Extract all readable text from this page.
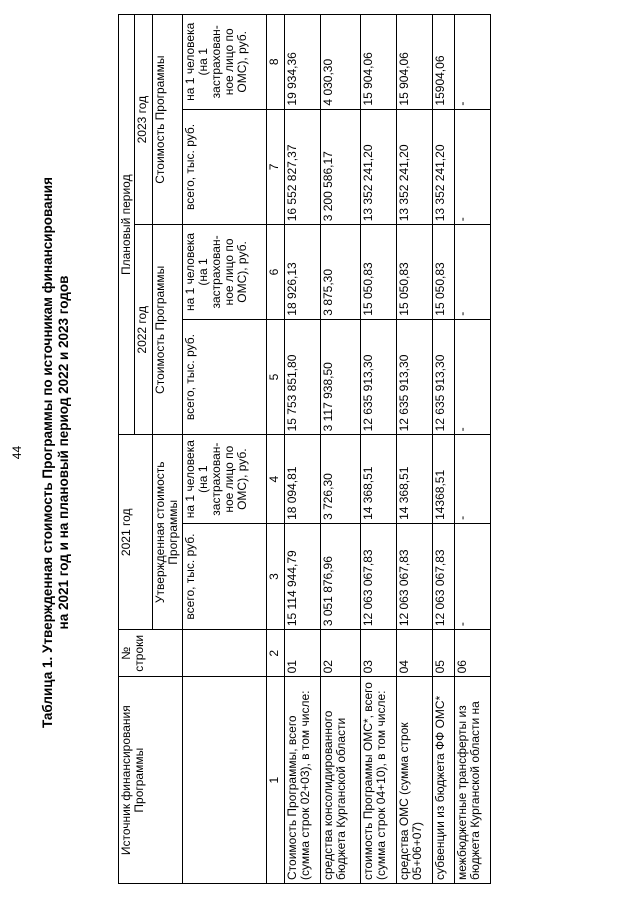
44 Таблица 1. Утвержденная стоимость Программы по источникам финансирования на 2021 год и на плановый период 2022 и 2023 годов
Источник финансирования Программы	№ строки	2021 год		Плановый период			
				2022 год		2023 год	
		Утвержденная стоимость Программы		Стоимость Программы		Стоимость Программы	
		всего, тыс. руб.	на 1 человека (на 1 застрахован-ное лицо по ОМС), руб.	всего, тыс. руб.	на 1 человека (на 1 застрахован-ное лицо по ОМС), руб.	всего, тыс. руб.	на 1 человека (на 1 застрахован-ное лицо по ОМС), руб.
1	2	3	4	5	6	7	8
Стоимость Программы, всего (сумма строк 02+03), в том числе:	01	15 114 944,79	18 094,81	15 753 851,80	18 926,13	16 552 827,37	19 934,36
средства консолидированного бюджета Курганской области	02	3 051 876,96	3 726,30	3 117 938,50	3 875,30	3 200 586,17	4 030,30
стоимость Программы ОМС*, всего (сумма строк 04+10), в том числе:	03	12 063 067,83	14 368,51	12 635 913,30	15 050,83	13 352 241,20	15 904,06
средства ОМС (сумма строк 05+06+07)	04	12 063 067,83	14 368,51	12 635 913,30	15 050,83	13 352 241,20	15 904,06
субвенции из бюджета ФФ ОМС*	05	12 063 067,83	14368,51	12 635 913,30	15 050,83	13 352 241,20	15904,06
межбюджетные трансферты из бюджета Курганской области на	06	-	-	-	-	-	-
